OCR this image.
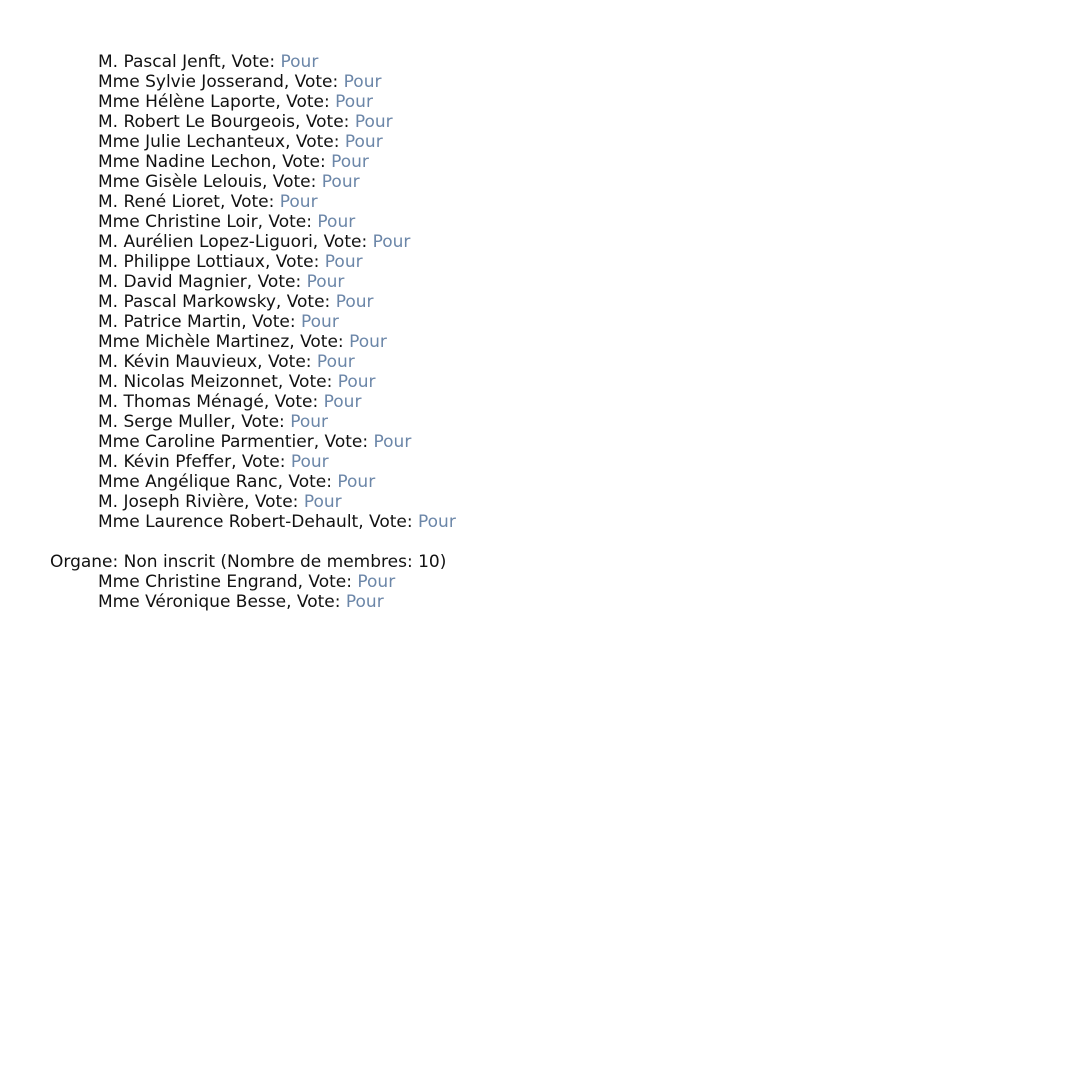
M. Pascal Jenft, Vote: Pour
Mme Sylvie Josserand, Vote: Pour
Mme Hélène Laporte, Vote: Pour
M. Robert Le Bourgeois, Vote: Pour
Mme Julie Lechanteux, Vote: Pour
Mme Nadine Lechon, Vote: Pour
Mme Gisèle Lelouis, Vote: Pour
M. René Lioret, Vote: Pour
Mme Christine Loir, Vote: Pour
M. Aurélien Lopez-Liguori, Vote: Pour
M. Philippe Lottiaux, Vote: Pour
M. David Magnier, Vote: Pour
M. Pascal Markowsky, Vote: Pour
M. Patrice Martin, Vote: Pour
Mme Michèle Martinez, Vote: Pour
M. Kévin Mauvieux, Vote: Pour
M. Nicolas Meizonnet, Vote: Pour
M. Thomas Ménagé, Vote: Pour
M. Serge Muller, Vote: Pour
Mme Caroline Parmentier, Vote: Pour
M. Kévin Pfeffer, Vote: Pour
Mme Angélique Ranc, Vote: Pour
M. Joseph Rivière, Vote: Pour
Mme Laurence Robert-Dehault, Vote: Pour
Organe: Non inscrit (Nombre de membres: 10)
Mme Christine Engrand, Vote: Pour
Mme Véronique Besse, Vote: Pour
